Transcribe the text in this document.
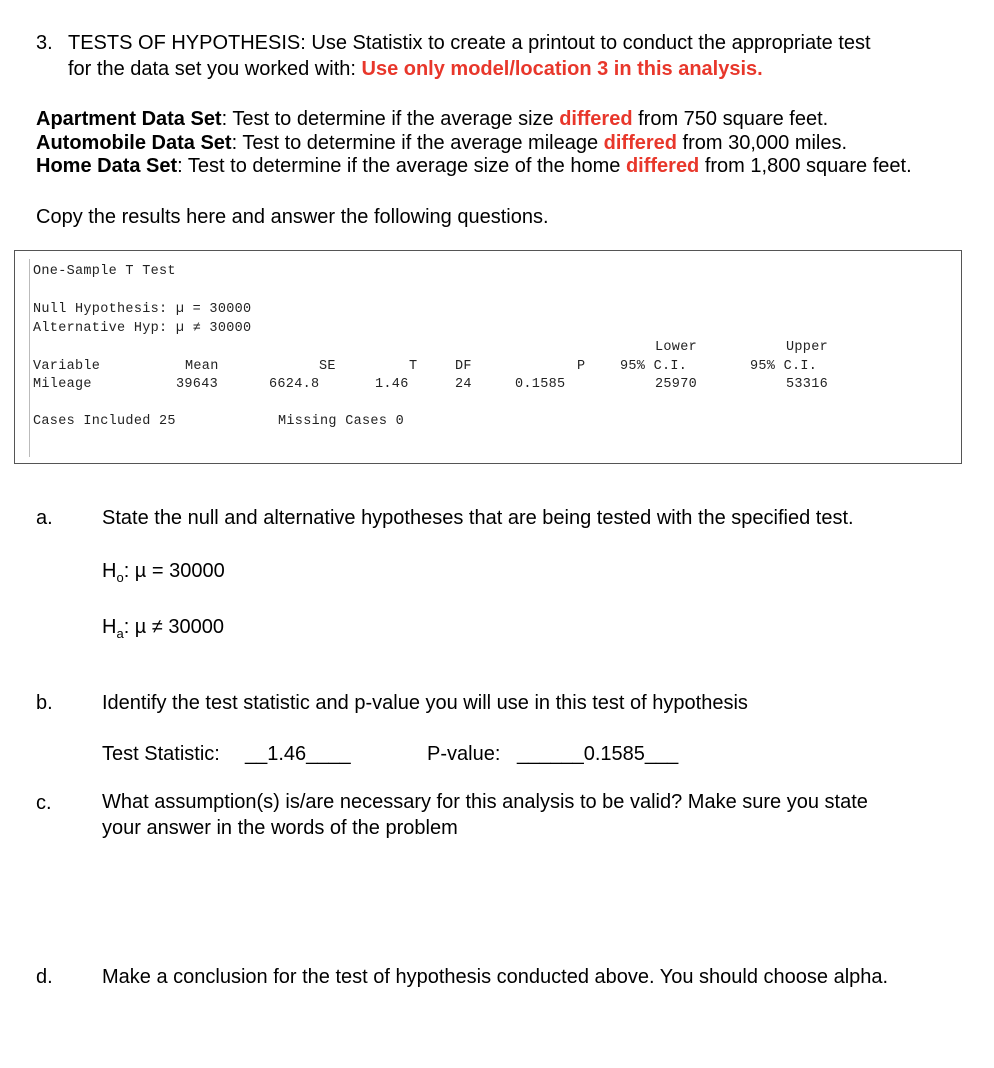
3. TESTS OF HYPOTHESIS: Use Statistix to create a printout to conduct the appropriate test
for the data set you worked with: Use only model/location 3 in this analysis.
Apartment Data Set: Test to determine if the average size differed from 750 square feet.
Automobile Data Set: Test to determine if the average mileage differed from 30,000 miles.
Home Data Set: Test to determine if the average size of the home differed from 1,800 square feet.
Copy the results here and answer the following questions.
One-Sample T Test
Null Hypothesis: µ = 30000
Alternative Hyp: µ ≠ 30000
Lower	Upper
Variable	Mean	SE	T	DF	P	95% C.I.	95% C.I.
Mileage	39643	6624.8	1.46	24	0.1585	25970	53316
Cases Included 25	Missing Cases 0
a. State the null and alternative hypotheses that are being tested with the specified test.
$H_o$: µ = 30000
$H_a$: µ ≠ 30000
b. Identify the test statistic and p-value you will use in this test of hypothesis
Test Statistic: __1.46____	P-value: ______0.1585___
c.	What assumption(s) is/are necessary for this analysis to be valid? Make sure you state
your answer in the words of the problem
d. Make a conclusion for the test of hypothesis conducted above. You should choose alpha.
